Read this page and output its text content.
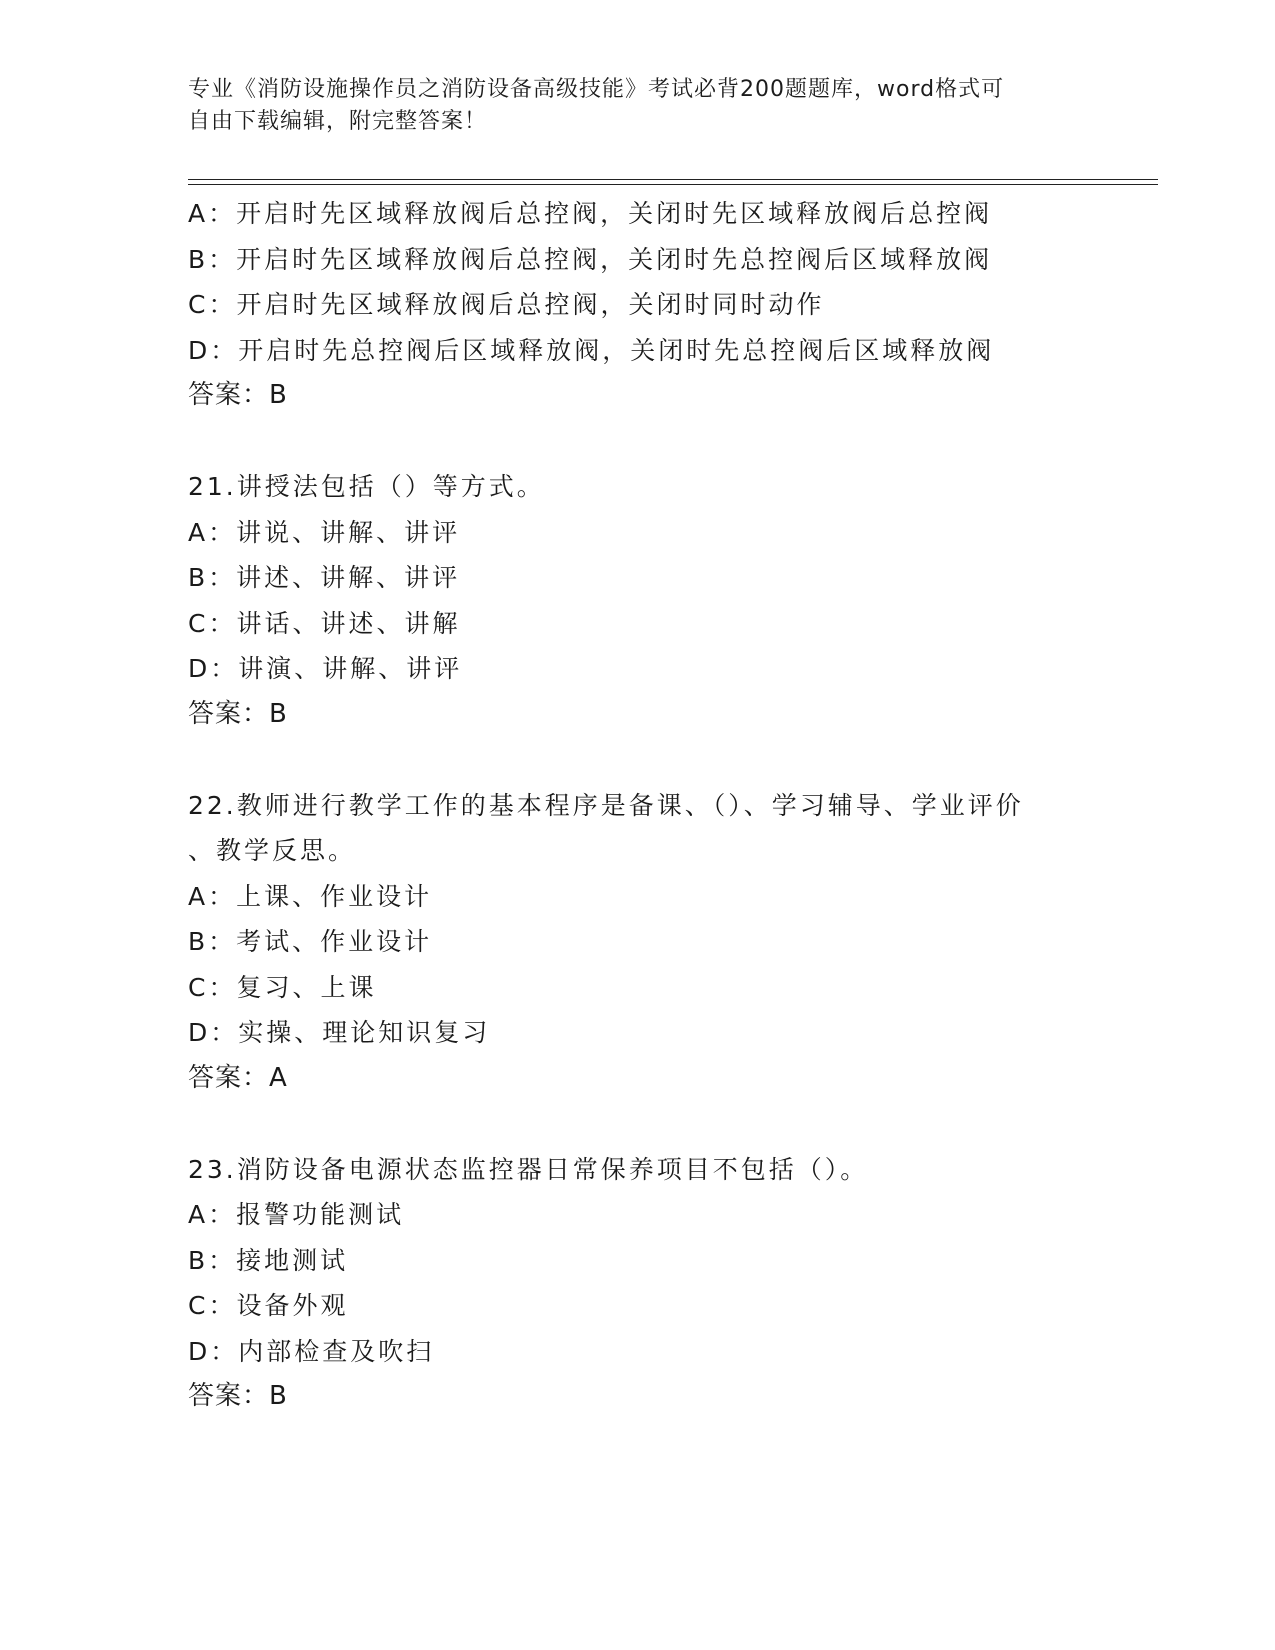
专业《消防设施操作员之消防设备高级技能》考试必背200题题库，word格式可
自由下载编辑，附完整答案！
A：开启时先区域释放阀后总控阀，关闭时先区域释放阀后总控阀
B：开启时先区域释放阀后总控阀，关闭时先总控阀后区域释放阀
C：开启时先区域释放阀后总控阀，关闭时同时动作
D：开启时先总控阀后区域释放阀，关闭时先总控阀后区域释放阀
答案：B
21.讲授法包括（）等方式。
A：讲说、讲解、讲评
B：讲述、讲解、讲评
C：讲话、讲述、讲解
D：讲演、讲解、讲评
答案：B
22.教师进行教学工作的基本程序是备课、（）、学习辅导、学业评价
、教学反思。
A：上课、作业设计
B：考试、作业设计
C：复习、上课
D：实操、理论知识复习
答案：A
23.消防设备电源状态监控器日常保养项目不包括（）。
A：报警功能测试
B：接地测试
C：设备外观
D：内部检查及吹扫
答案：B
